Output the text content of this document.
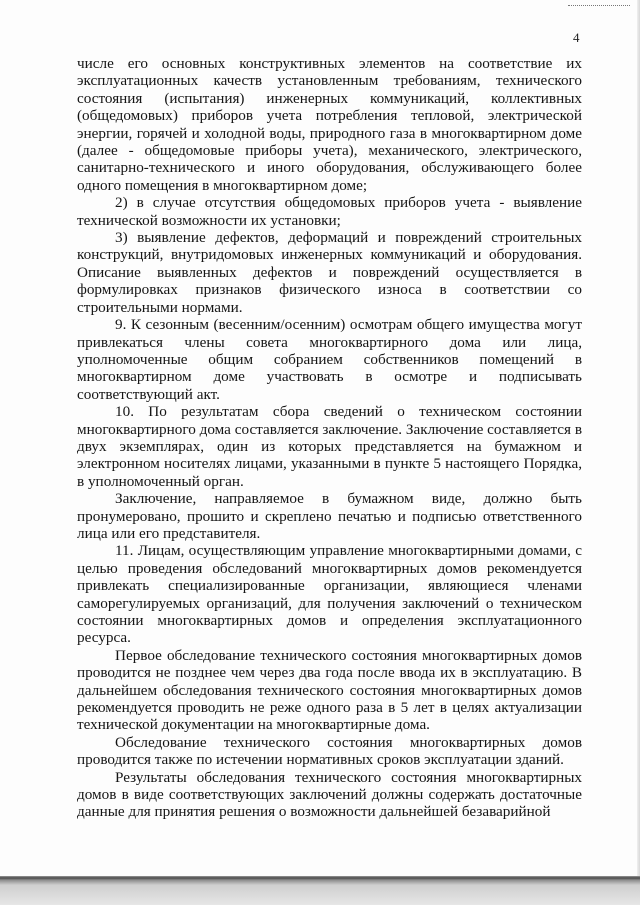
4

числе его основных конструктивных элементов на соответствие их эксплуатационных качеств установленным требованиям, технического состояния (испытания) инженерных коммуникаций, коллективных (общедомовых) приборов учета потребления тепловой, электрической энергии, горячей и холодной воды, природного газа в многоквартирном доме (далее - общедомовые приборы учета), механического, электрического, санитарно-технического и иного оборудования, обслуживающего более одного помещения в многоквартирном доме;

2) в случае отсутствия общедомовых приборов учета - выявление технической возможности их установки;

3) выявление дефектов, деформаций и повреждений строительных конструкций, внутридомовых инженерных коммуникаций и оборудования. Описание выявленных дефектов и повреждений осуществляется в формулировках признаков физического износа в соответствии со строительными нормами.

9. К сезонным (весенним/осенним) осмотрам общего имущества могут привлекаться члены совета многоквартирного дома или лица, уполномоченные общим собранием собственников помещений в многоквартирном доме участвовать в осмотре и подписывать соответствующий акт.

10. По результатам сбора сведений о техническом состоянии многоквартирного дома составляется заключение. Заключение составляется в двух экземплярах, один из которых представляется на бумажном и электронном носителях лицами, указанными в пункте 5 настоящего Порядка, в уполномоченный орган.

Заключение, направляемое в бумажном виде, должно быть пронумеровано, прошито и скреплено печатью и подписью ответственного лица или его представителя.

11. Лицам, осуществляющим управление многоквартирными домами, с целью проведения обследований многоквартирных домов рекомендуется привлекать специализированные организации, являющиеся членами саморегулируемых организаций, для получения заключений о техническом состоянии многоквартирных домов и определения эксплуатационного ресурса.

Первое обследование технического состояния многоквартирных домов проводится не позднее чем через два года после ввода их в эксплуатацию. В дальнейшем обследования технического состояния многоквартирных домов рекомендуется проводить не реже одного раза в 5 лет в целях актуализации технической документации на многоквартирные дома.

Обследование технического состояния многоквартирных домов проводится также по истечении нормативных сроков эксплуатации зданий.

Результаты обследования технического состояния многоквартирных домов в виде соответствующих заключений должны содержать достаточные данные для принятия решения о возможности дальнейшей безаварийной
